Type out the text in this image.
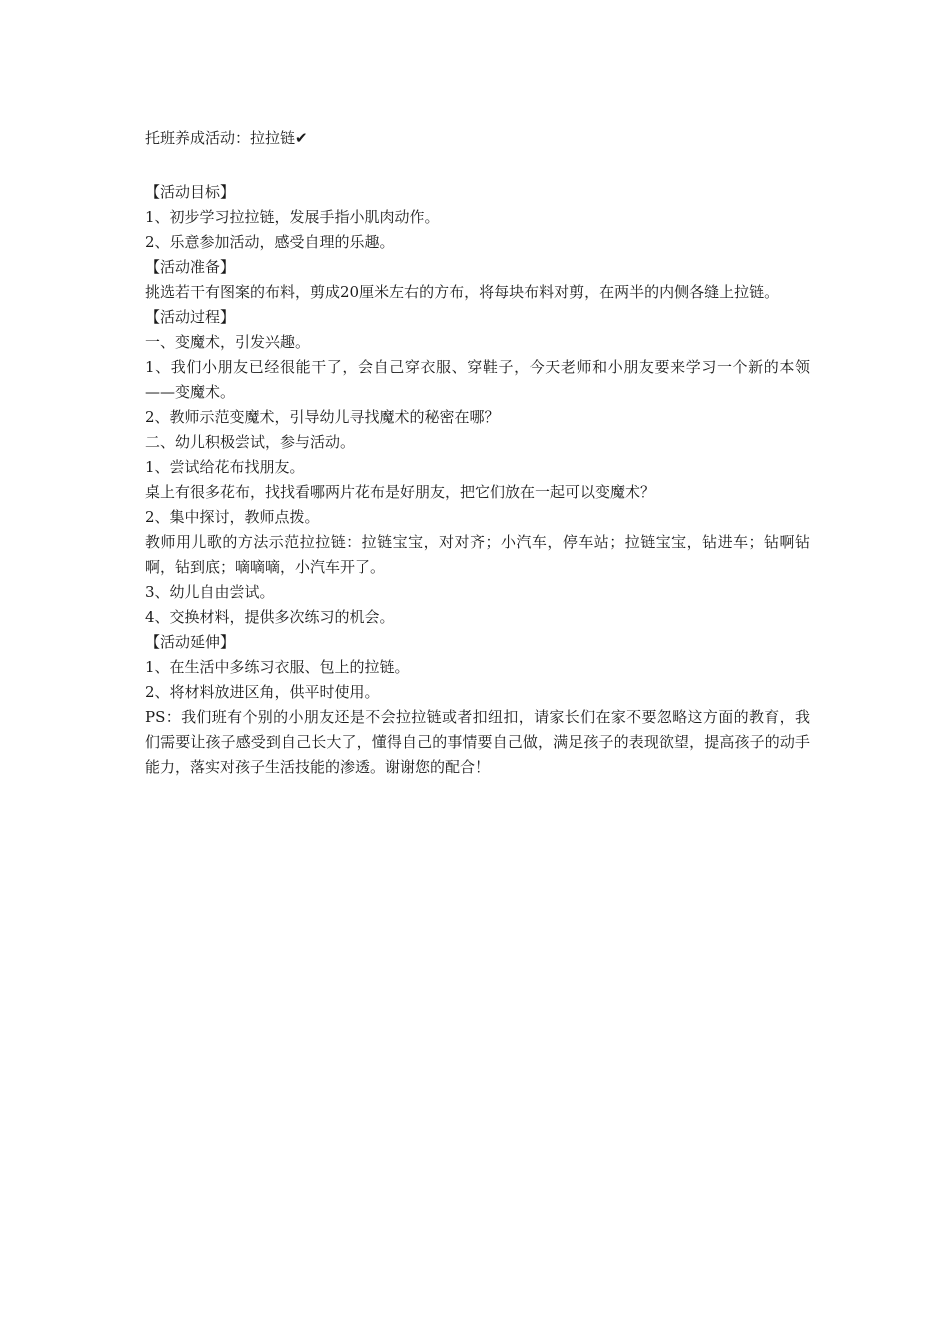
托班养成活动：拉拉链✔
【活动目标】
1、初步学习拉拉链，发展手指小肌肉动作。
2、乐意参加活动，感受自理的乐趣。
【活动准备】
挑选若干有图案的布料，剪成20厘米左右的方布，将每块布料对剪，在两半的内侧各缝上拉链。
【活动过程】
一、变魔术，引发兴趣。
1、我们小朋友已经很能干了，会自己穿衣服、穿鞋子，今天老师和小朋友要来学习一个新的本领——变魔术。
2、教师示范变魔术，引导幼儿寻找魔术的秘密在哪？
二、幼儿积极尝试，参与活动。
1、尝试给花布找朋友。
桌上有很多花布，找找看哪两片花布是好朋友，把它们放在一起可以变魔术？
2、集中探讨，教师点拨。
教师用儿歌的方法示范拉拉链：拉链宝宝，对对齐；小汽车，停车站；拉链宝宝，钻进车；钻啊钻啊，钻到底；嘀嘀嘀，小汽车开了。
3、幼儿自由尝试。
4、交换材料，提供多次练习的机会。
【活动延伸】
1、在生活中多练习衣服、包上的拉链。
2、将材料放进区角，供平时使用。
PS：我们班有个别的小朋友还是不会拉拉链或者扣纽扣，请家长们在家不要忽略这方面的教育，我们需要让孩子感受到自己长大了，懂得自己的事情要自己做，满足孩子的表现欲望，提高孩子的动手能力，落实对孩子生活技能的渗透。谢谢您的配合！
